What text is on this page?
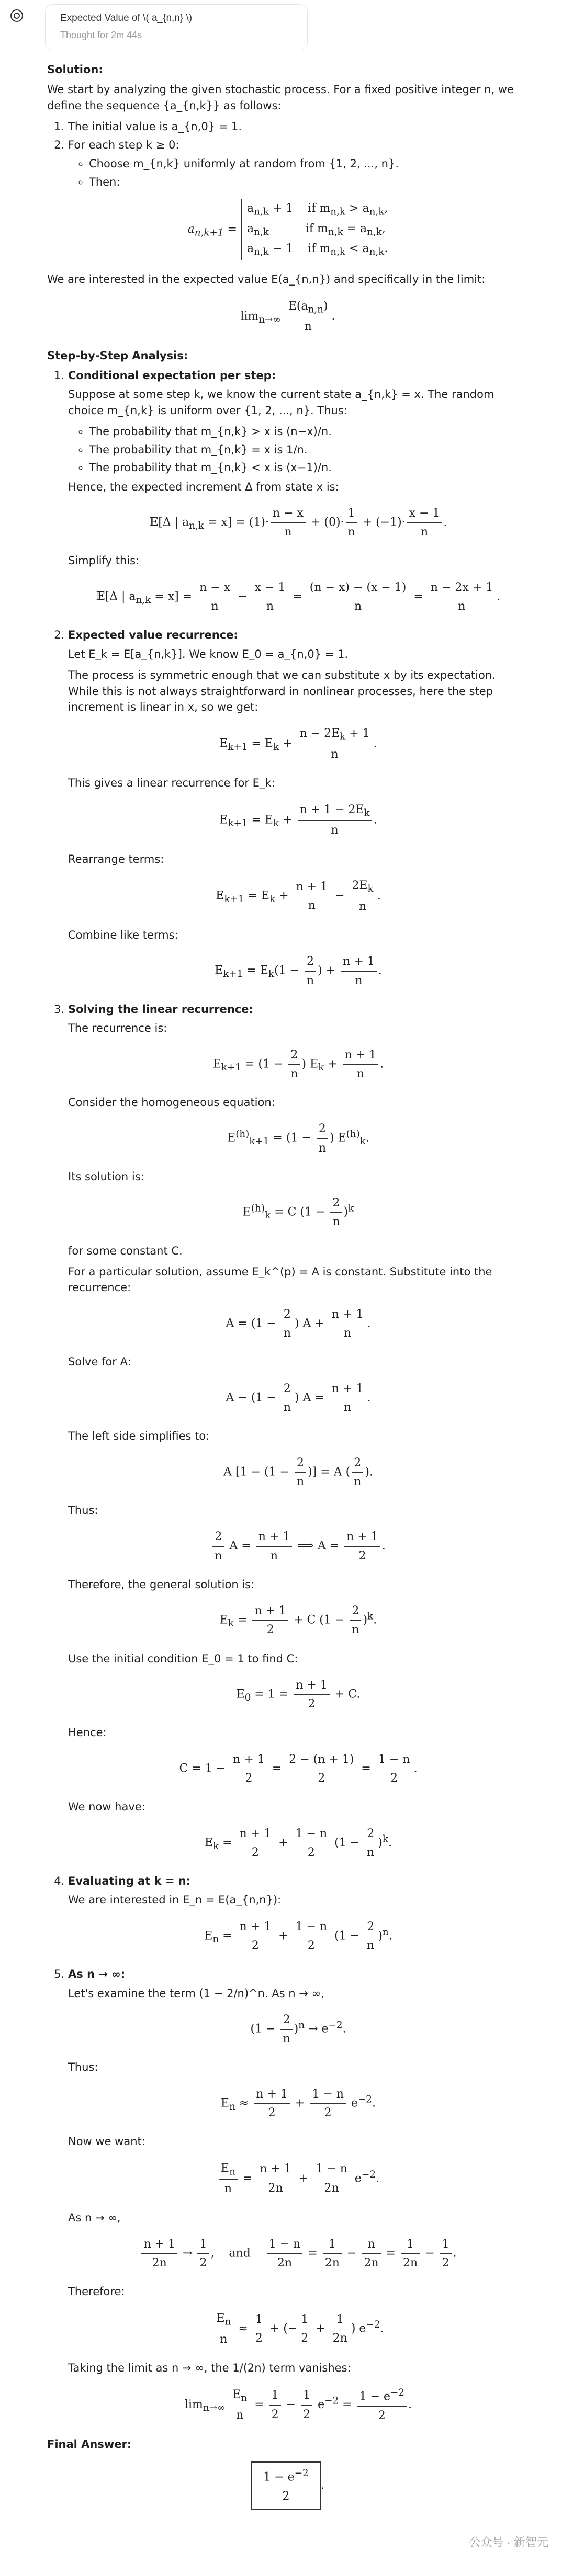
Expected Value of \( a_{n,n} \)
Thought for 2m 44s
Solution:

We start by analyzing the given stochastic process. For a fixed positive integer n, we define the sequence {a_{n,k}} as follows:

1. The initial value is a_{n,0} = 1.
2. For each step k ≥ 0:
◦ Choose m_{n,k} uniformly at random from {1, 2, ..., n}.
◦ Then:
$a_{n,k+1} = a_{n,k} + 1$    if $m_{n,k} > a_{n,k}$,
$a_{n,k}$          if $m_{n,k} = a_{n,k}$,
$a_{n,k} - 1$    if $m_{n,k} < a_{n,k}$.

We are interested in the expected value E(a_{n,n}) and specifically in the limit:

$\lim_{n\to\infty} \frac{E(a_{n,n})}{n}$ .
Step-by-Step Analysis:
1. Conditional expectation per step:

Suppose at some step k, we know the current state a_{n,k} = x. The random choice m_{n,k} is uniform over {1, 2, ..., n}. Thus:

◦ The probability that m_{n,k} > x is (n−x)/n.
◦ The probability that m_{n,k} = x is 1/n.
◦ The probability that m_{n,k} < x is (x−1)/n.

Hence, the expected increment Δ from state x is:

𝔼[Δ | $a_{n,k} = x] = (1)\cdot \frac{n - x}{n} + (0)\cdot \frac{1}{n} + (-1)\cdot \frac{x - 1}{n}$ .

Simplify this:

𝔼[Δ | $a_{n,k} = x] = \frac{n - x}{n} - \frac{x - 1}{n} = \frac{(n - x) - (x - 1)}{n} = \frac{n - 2x + 1}{n}$ .
2. Expected value recurrence:

Let E_k = E[a_{n,k}]. We know E_0 = a_{n,0} = 1.

The process is symmetric enough that we can substitute x by its expectation. While this is not always straightforward in nonlinear processes, here the step increment is linear in x, so we get:

$E_{k+1} = E_k + \frac{n - 2E_k + 1}{n}$ .

This gives a linear recurrence for E_k:

$E_{k+1} = E_k + \frac{n + 1 - 2E_k}{n}$ .

Rearrange terms:

$E_{k+1} = E_k + \frac{n + 1}{n} - \frac{2E_k}{n}$ .

Combine like terms:

$E_{k+1} = E_k(1 - \frac{2}{n}$ ) + $\frac{n + 1}{n}$ .
3. Solving the linear recurrence:

The recurrence is:

$E_{k+1} = (1 - \frac{2}{n}$ ) $E_k + \frac{n + 1}{n}$ .

Consider the homogeneous equation:

$E^{(h)}_{k+1} = (1 - \frac{2}{n}$ ) $E^{(h)}_k$.

Its solution is:

$E^{(h)}_k = C$ $(1 - \frac{2}{n} )^k$

for some constant C.

For a particular solution, assume E_k^(p) = A is constant. Substitute into the recurrence:

$A = (1 - \frac{2}{n}$ ) $A + \frac{n + 1}{n}$ .

Solve for A:

$A - (1 - \frac{2}{n}$ ) $A = \frac{n + 1}{n}$ .

The left side simplifies to:

A [$1 - (1 - \frac{2}{n}$ )] = A ( $\frac{2}{n}$ ).

Thus:

$\frac{2}{n}$ $A = \frac{n + 1}{n}$ ⟹ $A = \frac{n + 1}{2}$ .

Therefore, the general solution is:

$E_k = \frac{n + 1}{2} + C$ $(1 - \frac{2}{n} )^k$.

Use the initial condition E_0 = 1 to find C:

$E_0 = 1 = \frac{n + 1}{2} + C$.

Hence:

$C = 1 - \frac{n + 1}{2} = \frac{2 - (n + 1)}{2} = \frac{1 - n}{2}$ .

We now have:

$E_k = \frac{n + 1}{2} + \frac{1 - n}{2} (1 - \frac{2}{n} )^k$.
4. Evaluating at k = n:

We are interested in E_n = E(a_{n,n}):

$E_n = \frac{n + 1}{2} + \frac{1 - n}{2} (1 - \frac{2}{n} )^n$.
5. As n → ∞:

Let's examine the term (1 − 2/n)^n. As n → ∞,

$(1 - \frac{2}{n} )^n \to e^{-2}$.

Thus:

$E_n \approx \frac{n + 1}{2} + \frac{1 - n}{2} e^{-2}$.

Now we want:

$\frac{E_n}{n} = \frac{n + 1}{2n} + \frac{1 - n}{2n} e^{-2}$.

As n → ∞,

$\frac{n + 1}{2n} \to \frac{1}{2}$ ,    and $\frac{1 - n}{2n} = \frac{1}{2n} - \frac{n}{2n} = \frac{1}{2n} - \frac{1}{2}$ .

Therefore:

$\frac{E_n}{n} \approx \frac{1}{2}$ + (− $\frac{1}{2} + \frac{1}{2n}$ ) $e^{-2}$.

Taking the limit as n → ∞, the 1/(2n) term vanishes:

$\lim_{n\to\infty} \frac{E_n}{n} = \frac{1}{2} - \frac{1}{2} e^{-2} = \frac{1 - e^{-2}}{2}$ .
Final Answer:
$\frac{1 - e^{-2}}{2}$ .
公众号 · 新智元
